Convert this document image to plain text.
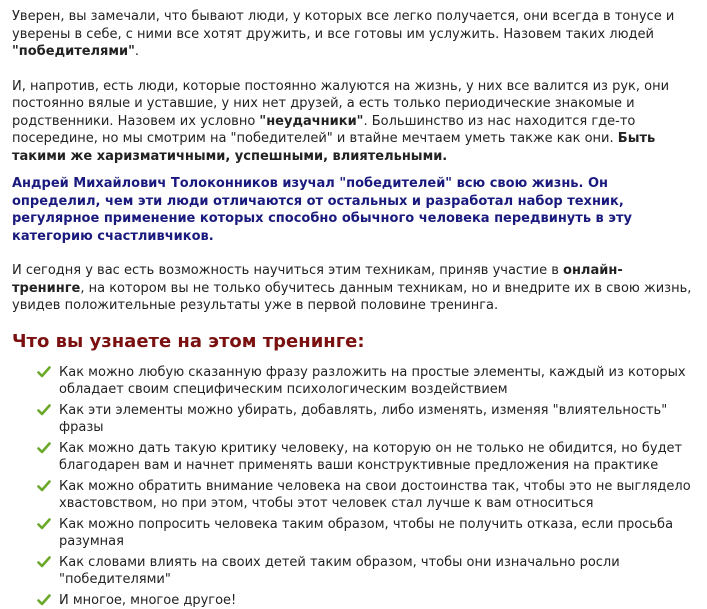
Уверен, вы замечали, что бывают люди, у которых все легко получается, они всегда в тонусе и уверены в себе, с ними все хотят дружить, и все готовы им услужить. Назовем таких людей "победителями".

И, напротив, есть люди, которые постоянно жалуются на жизнь, у них все валится из рук, они постоянно вялые и уставшие, у них нет друзей, а есть только периодические знакомые и родственники. Назовем их условно "неудачники". Большинство из нас находится где-то посередине, но мы смотрим на "победителей" и втайне мечтаем уметь также как они. Быть такими же харизматичными, успешными, влиятельными.

Андрей Михайлович Толоконников изучал "победителей" всю свою жизнь. Он определил, чем эти люди отличаются от остальных и разработал набор техник, регулярное применение которых способно обычного человека передвинуть в эту категорию счастливчиков.

И сегодня у вас есть возможность научиться этим техникам, приняв участие в онлайн-тренинге, на котором вы не только обучитесь данным техникам, но и внедрите их в свою жизнь, увидев положительные результаты уже в первой половине тренинга.

Что вы узнаете на этом тренинге:
Как можно любую сказанную фразу разложить на простые элементы, каждый из которых обладает своим специфическим психологическим воздействием
Как эти элементы можно убирать, добавлять, либо изменять, изменяя "влиятельность" фразы
Как можно дать такую критику человеку, на которую он не только не обидится, но будет благодарен вам и начнет применять ваши конструктивные предложения на практике
Как можно обратить внимание человека на свои достоинства так, чтобы это не выглядело хвастовством, но при этом, чтобы этот человек стал лучше к вам относиться
Как можно попросить человека таким образом, чтобы не получить отказа, если просьба разумная
Как словами влиять на своих детей таким образом, чтобы они изначально росли "победителями"
И многое, многое другое!
